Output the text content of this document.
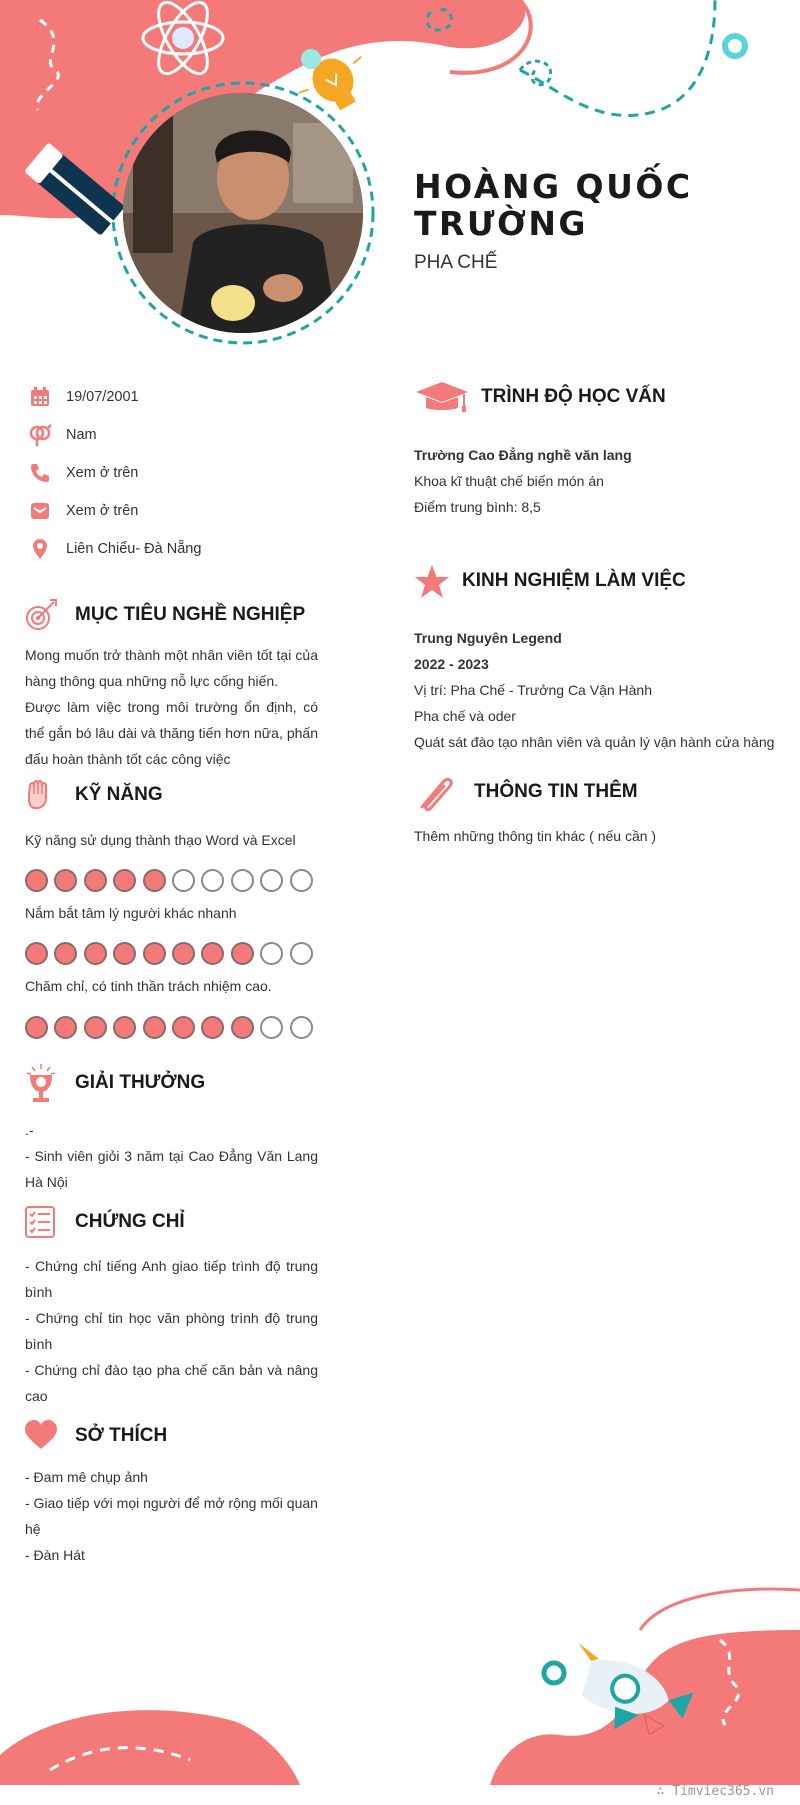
HOÀNG QUỐC TRƯỜNG
PHA CHẾ
19/07/2001
Nam
Xem ở trên
Xem ở trên
Liên Chiểu- Đà Nẵng
MỤC TIÊU NGHỀ NGHIỆP
Mong muốn trở thành một nhân viên tốt tại của hàng thông qua những nỗ lực cống hiến.
Được làm việc trong môi trường ổn định, có thể gắn bó lâu dài và thăng tiến hơn nữa, phấn đấu hoàn thành tốt các công việc
KỸ NĂNG
Kỹ năng sử dụng thành thạo Word và Excel
Nắm bắt tâm lý người khác nhanh
Chăm chỉ, có tinh thần trách nhiệm cao.
GIẢI THƯỞNG
.-
- Sinh viên giỏi 3 năm tại Cao Đẳng Văn Lang Hà Nội
CHỨNG CHỈ
- Chứng chỉ tiếng Anh giao tiếp trình độ trung bình
- Chứng chỉ tin học văn phòng trình độ trung bình
- Chứng chỉ đào tạo pha chế căn bản và nâng cao
SỞ THÍCH
- Đam mê chụp ảnh
- Giao tiếp với mọi người để mở rộng mối quan hệ
- Đàn Hát
TRÌNH ĐỘ HỌC VẤN
Trường Cao Đẳng nghề văn lang
Khoa kĩ thuật chế biến món án
Điểm trung bình: 8,5
KINH NGHIỆM LÀM VIỆC
Trung Nguyên Legend
2022 - 2023
Vị trí: Pha Chế - Trưởng Ca Vận Hành
Pha chế và oder
Quát sát đào tạo nhân viên và quản lý vận hành cửa hàng
THÔNG TIN THÊM
Thêm những thông tin khác ( nếu cần )
∴ Timviec365.vn
